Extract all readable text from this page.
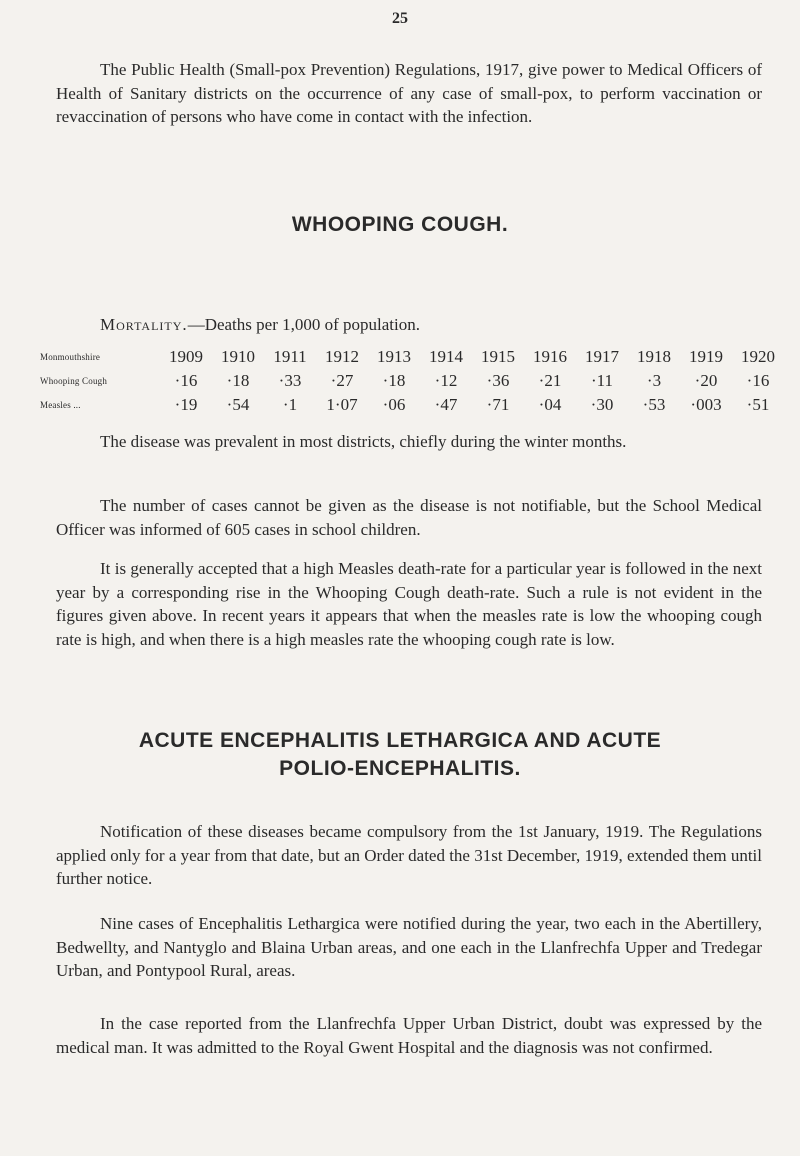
25

The Public Health (Small-pox Prevention) Regulations, 1917, give power to Medical Officers of Health of Sanitary districts on the occurrence of any case of small-pox, to perform vaccination or revaccination of persons who have come in contact with the infection.

WHOOPING COUGH.

Mortality.—Deaths per 1,000 of population.

Monmouthshire	1909	1910	1911	1912	1913	1914	1915	1916	1917	1918	1919	1920
Whooping Cough	·16	·18	·33	·27	·18	·12	·36	·21	·11	·3	·20	·16
Measles ...	·19	·54	·1	1·07	·06	·47	·71	·04	·30	·53	·003	·51

The disease was prevalent in most districts, chiefly during the winter months.

The number of cases cannot be given as the disease is not notifiable, but the School Medical Officer was informed of 605 cases in school children.

It is generally accepted that a high Measles death-rate for a particular year is followed in the next year by a corresponding rise in the Whooping Cough death-rate. Such a rule is not evident in the figures given above. In recent years it appears that when the measles rate is low the whooping cough rate is high, and when there is a high measles rate the whooping cough rate is low.

ACUTE ENCEPHALITIS LETHARGICA AND ACUTE
POLIO-ENCEPHALITIS.

Notification of these diseases became compulsory from the 1st January, 1919. The Regulations applied only for a year from that date, but an Order dated the 31st December, 1919, extended them until further notice.

Nine cases of Encephalitis Lethargica were notified during the year, two each in the Abertillery, Bedwellty, and Nantyglo and Blaina Urban areas, and one each in the Llanfrechfa Upper and Tredegar Urban, and Pontypool Rural, areas.

In the case reported from the Llanfrechfa Upper Urban District, doubt was expressed by the medical man. It was admitted to the Royal Gwent Hospital and the diagnosis was not confirmed.
